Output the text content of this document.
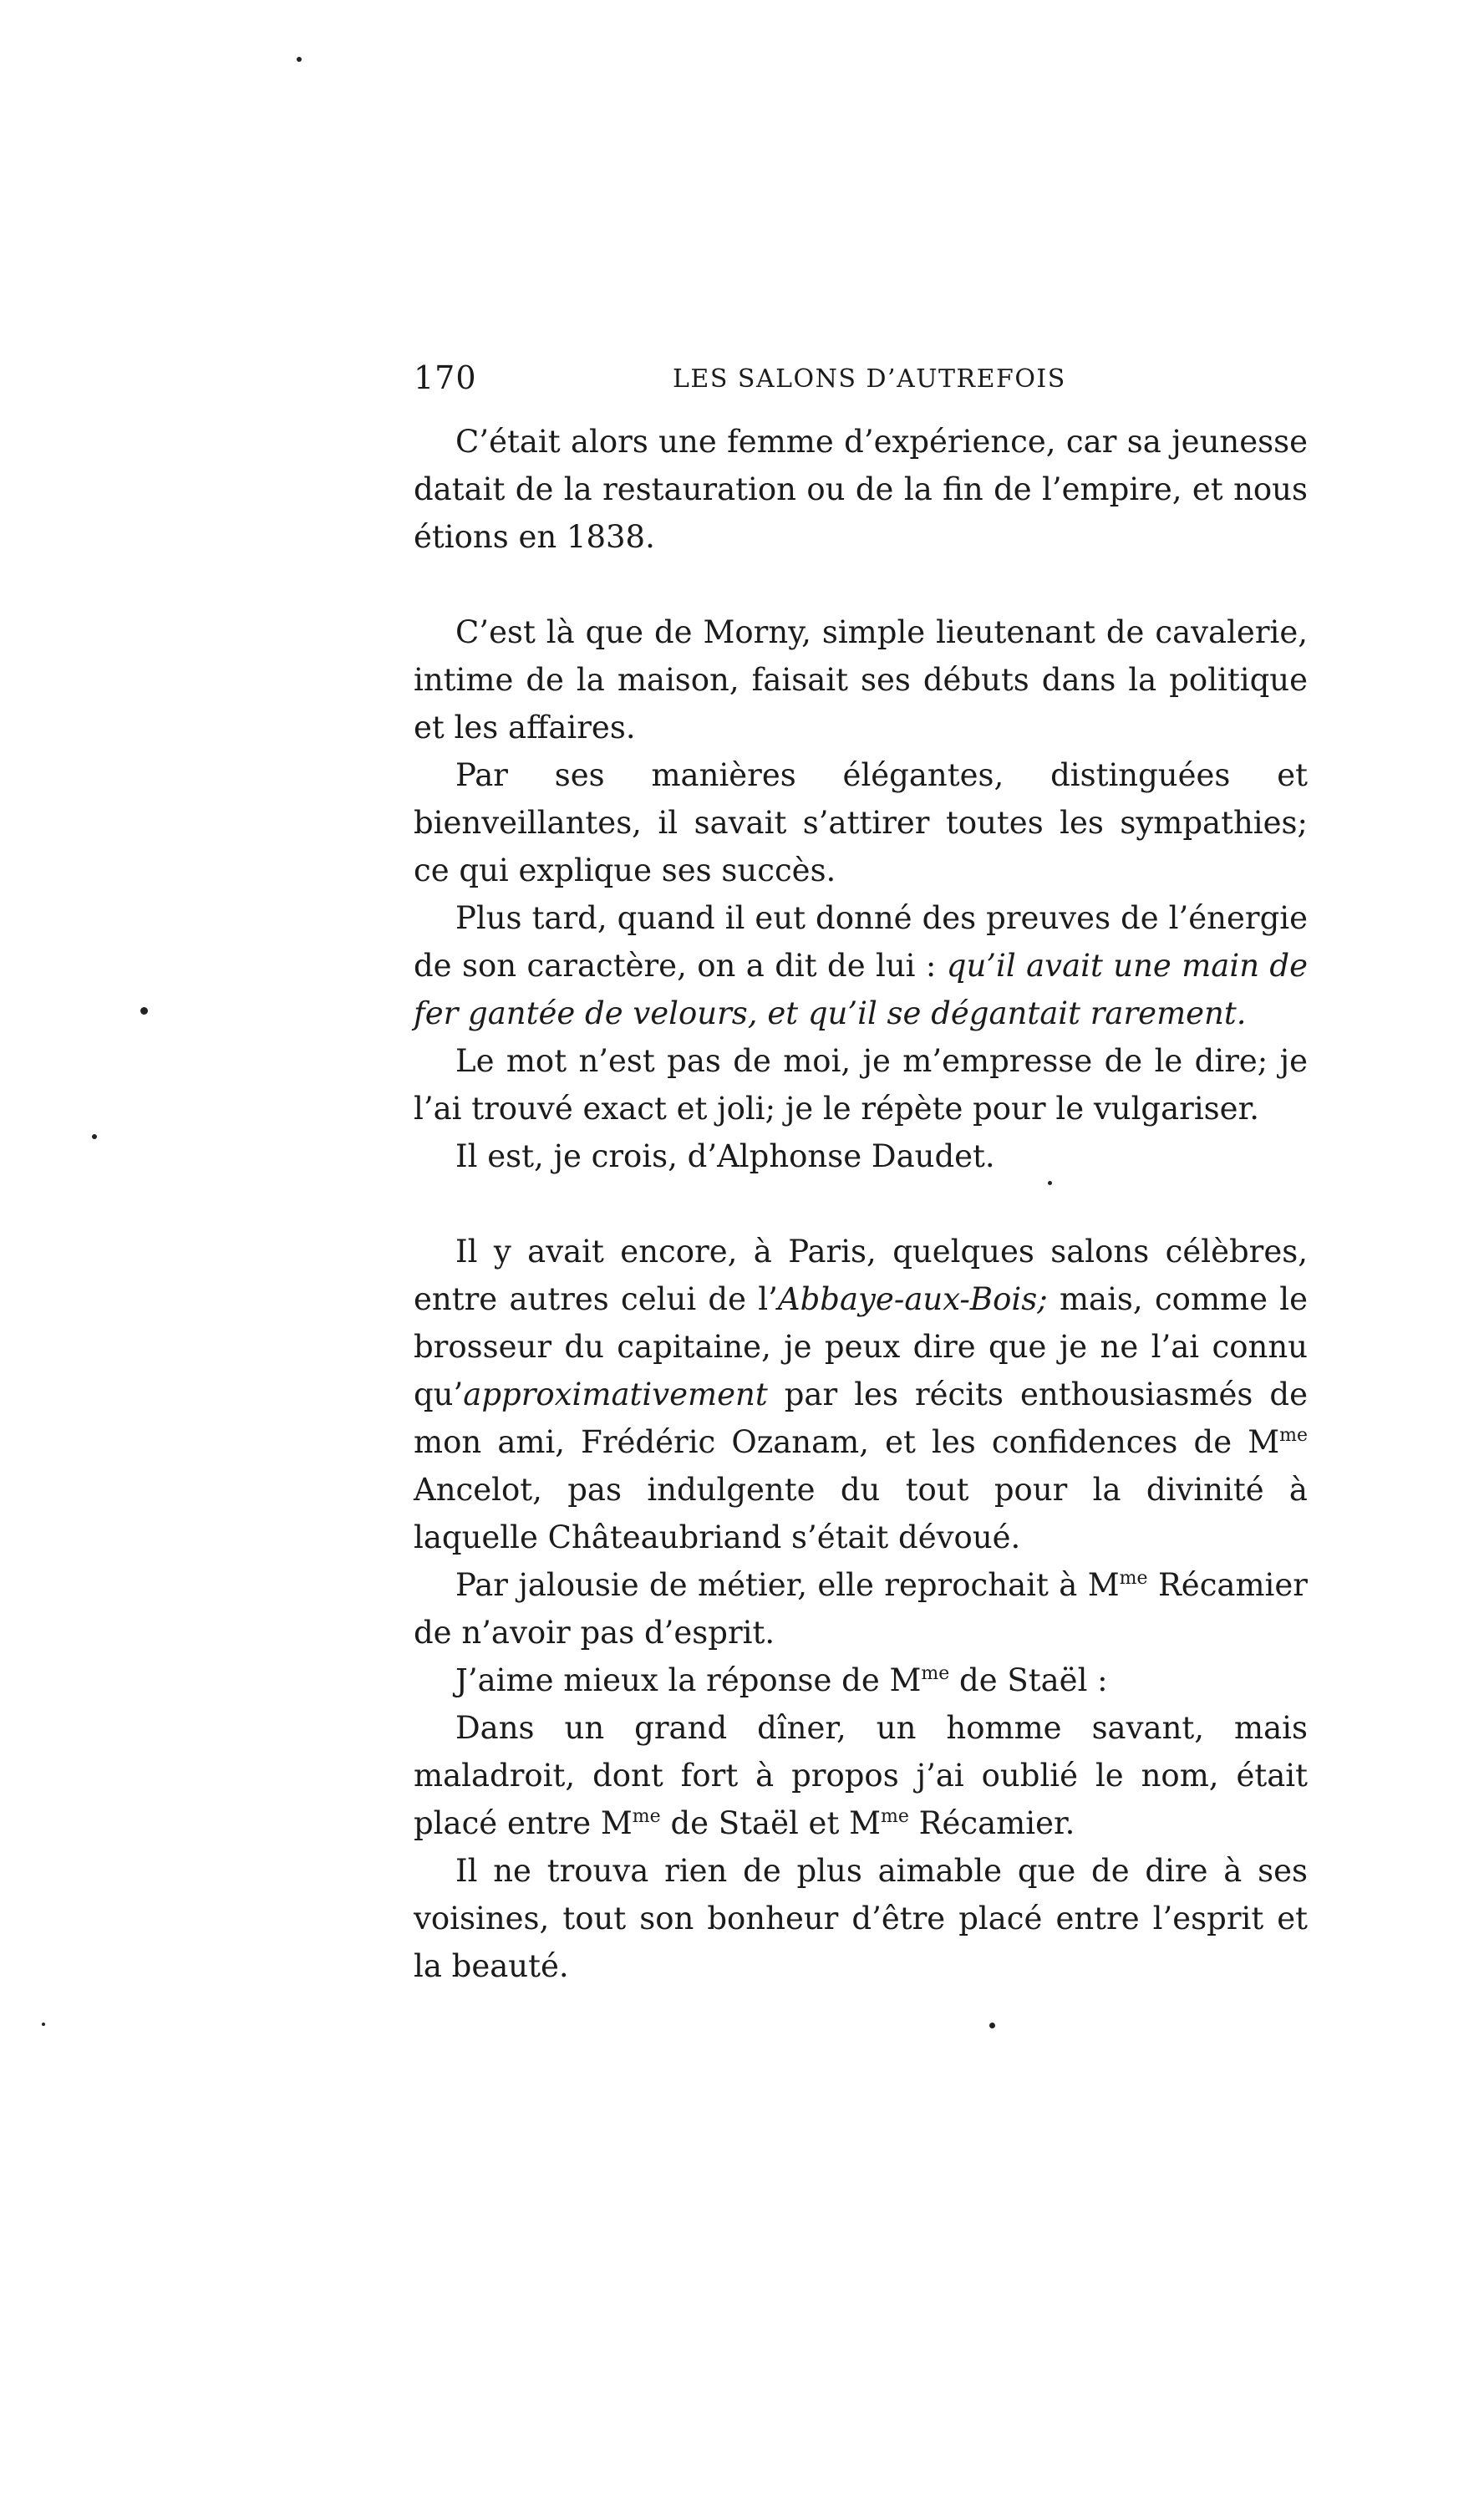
170	LES SALONS D’AUTREFOIS

C’était alors une femme d’expérience, car sa jeunesse datait de la restauration ou de la fin de l’empire, et nous étions en 1838.

C’est là que de Morny, simple lieutenant de cavalerie, intime de la maison, faisait ses débuts dans la politique et les affaires.

Par ses manières élégantes, distinguées et bienveillantes, il savait s’attirer toutes les sympathies; ce qui explique ses succès.

Plus tard, quand il eut donné des preuves de l’énergie de son caractère, on a dit de lui : qu’il avait une main de fer gantée de velours, et qu’il se dégantait rarement.

Le mot n’est pas de moi, je m’empresse de le dire; je l’ai trouvé exact et joli; je le répète pour le vulgariser.

Il est, je crois, d’Alphonse Daudet.

Il y avait encore, à Paris, quelques salons célèbres, entre autres celui de l’Abbaye-aux-Bois; mais, comme le brosseur du capitaine, je peux dire que je ne l’ai connu qu’approximativement par les récits enthousiasmés de mon ami, Frédéric Ozanam, et les confidences de $M^{me}$ Ancelot, pas indulgente du tout pour la divinité à laquelle Châteaubriand s’était dévoué.

Par jalousie de métier, elle reprochait à $M^{me}$ Récamier de n’avoir pas d’esprit.

J’aime mieux la réponse de $M^{me}$ de Staël :

Dans un grand dîner, un homme savant, mais maladroit, dont fort à propos j’ai oublié le nom, était placé entre $M^{me}$ de Staël et $M^{me}$ Récamier.

Il ne trouva rien de plus aimable que de dire à ses voisines, tout son bonheur d’être placé entre l’esprit et la beauté.
